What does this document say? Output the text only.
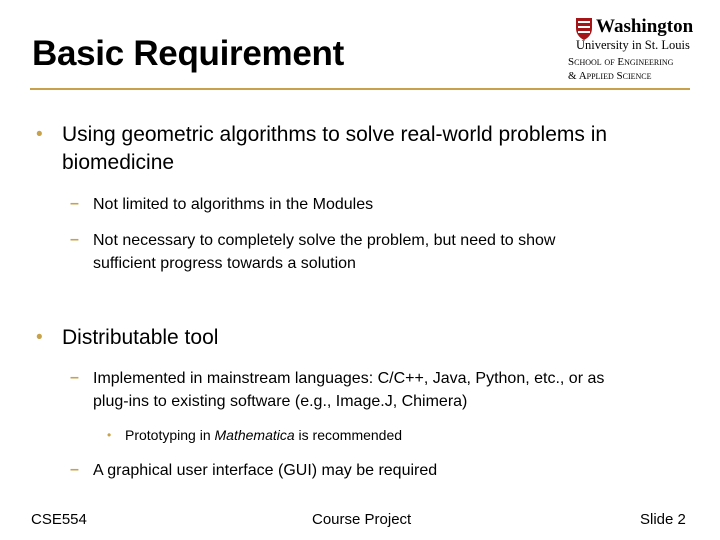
Basic Requirement
Washington
University in St. Louis
School of Engineering
& Applied Science
• Using geometric algorithms to solve real-world problems in
biomedicine
– Not limited to algorithms in the Modules
– Not necessary to completely solve the problem, but need to show
sufficient progress towards a solution
• Distributable tool
– Implemented in mainstream languages: C/C++, Java, Python, etc., or as
plug-ins to existing software (e.g., Image.J, Chimera)
• Prototyping in Mathematica is recommended
– A graphical user interface (GUI) may be required
CSE554	Course Project	Slide 2
